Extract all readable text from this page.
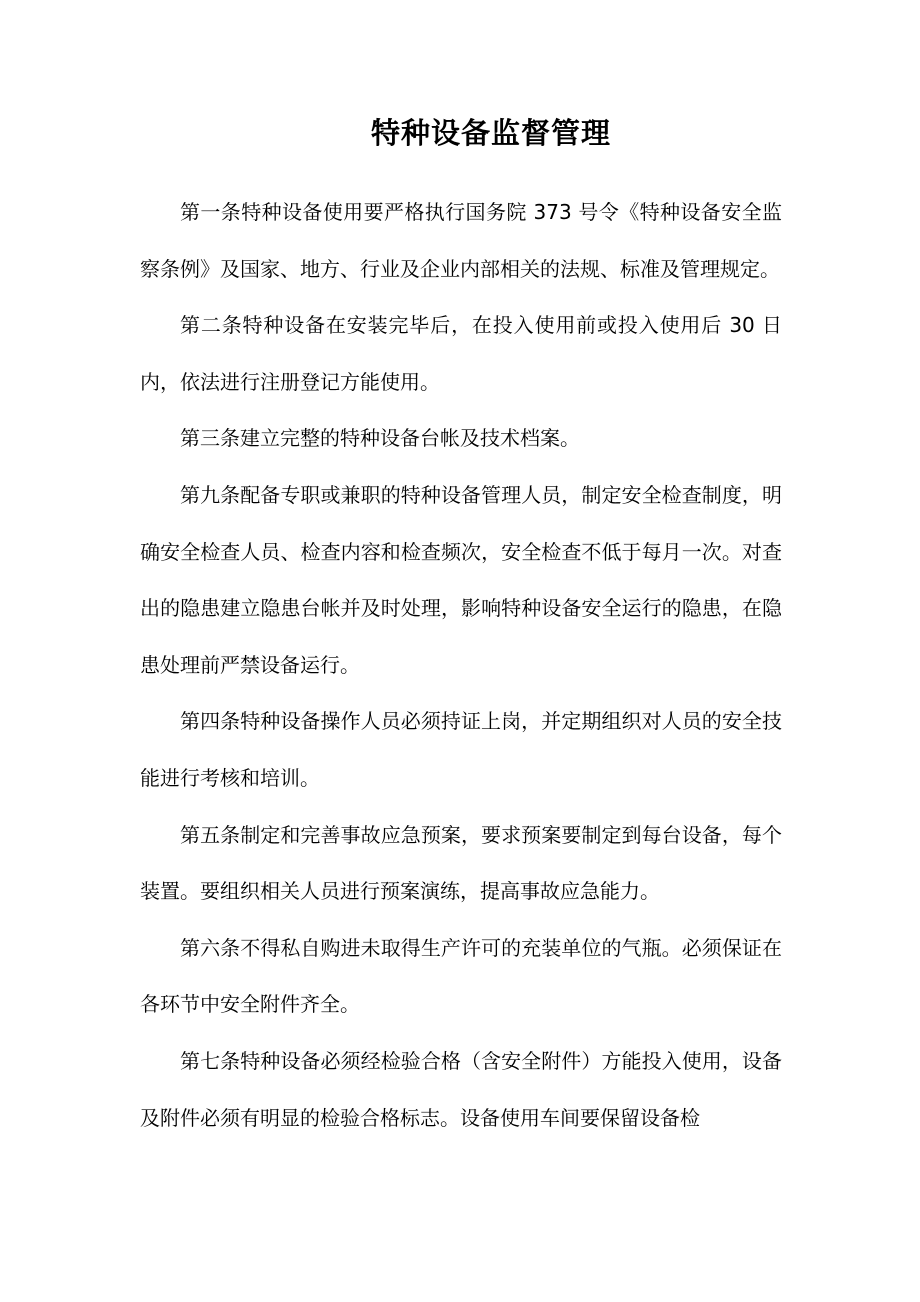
特种设备监督管理

第一条特种设备使用要严格执行国务院 373 号令《特种设备安全监察条例》及国家、地方、行业及企业内部相关的法规、标准及管理规定。

第二条特种设备在安装完毕后，在投入使用前或投入使用后 30 日内，依法进行注册登记方能使用。

第三条建立完整的特种设备台帐及技术档案。

第九条配备专职或兼职的特种设备管理人员，制定安全检查制度，明确安全检查人员、检查内容和检查频次，安全检查不低于每月一次。对查出的隐患建立隐患台帐并及时处理，影响特种设备安全运行的隐患，在隐患处理前严禁设备运行。

第四条特种设备操作人员必须持证上岗，并定期组织对人员的安全技能进行考核和培训。

第五条制定和完善事故应急预案，要求预案要制定到每台设备，每个装置。要组织相关人员进行预案演练，提高事故应急能力。

第六条不得私自购进未取得生产许可的充装单位的气瓶。必须保证在各环节中安全附件齐全。

第七条特种设备必须经检验合格（含安全附件）方能投入使用，设备及附件必须有明显的检验合格标志。设备使用车间要保留设备检
